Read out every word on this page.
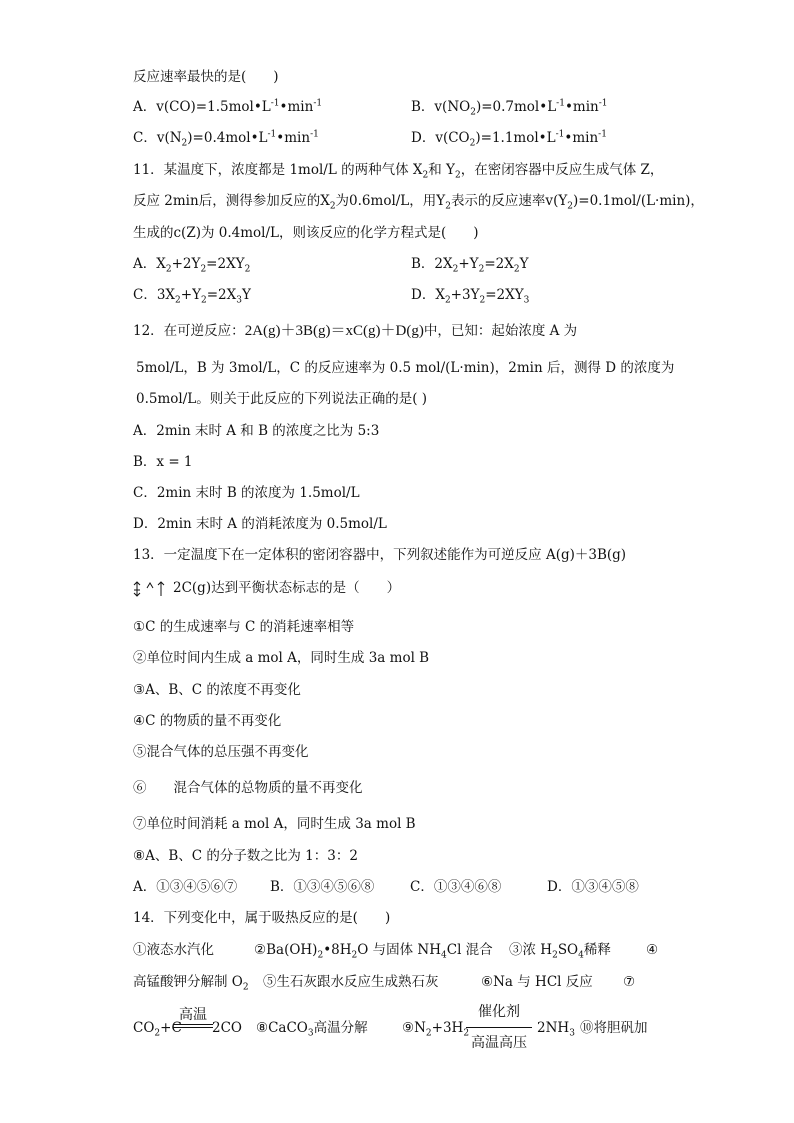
反应速率最快的是(　　)
A．$v(CO)=1.5mol•L^{-1}•\min^{-1}$	B．$v(NO_2)=0.7mol•L^{-1}•\min^{-1}$
C．$v(N_2)=0.4mol•L^{-1}•\min^{-1}$	D．$v(CO_2)=1.1mol•L^{-1}•\min^{-1}$
11．某温度下，浓度都是 1mol/L 的两种气体 $X_2$和 $Y_2$，在密闭容器中反应生成气体 Z，
反应 2min后，测得参加反应的$X_2$为0.6mol/L，用$Y_2$表示的反应速率$v(Y_2)=0.1mol/(L\cdot\min)$，
生成的c(Z)为 0.4mol/L，则该反应的化学方程式是(　　)
A．$X_2+2Y_2=2XY_2$	B．$2X_2+Y_2=2X_2Y$
C．$3X_2+Y_2=2X_3Y$	D．$X_2+3Y_2=2XY_3$
12．在可逆反应：2A(g)＋3B(g)＝xC(g)＋D(g)中，已知：起始浓度 A 为
5mol/L，B 为 3mol/L，C 的反应速率为 0.5 mol/(L·min)，2min 后，测得 D 的浓度为
0.5mol/L。则关于此反应的下列说法正确的是( )
A．2min 末时 A 和 B 的浓度之比为 5:3
B．x = 1
C．2min 末时 B 的浓度为 1.5mol/L
D．2min 末时 A 的消耗浓度为 0.5mol/L
13．一定温度下在一定体积的密闭容器中，下列叙述能作为可逆反应 A(g)＋3B(g)
2C(g)达到平衡状态标志的是（　　）
①C 的生成速率与 C 的消耗速率相等
②单位时间内生成 a mol A，同时生成 3a mol B
③A、B、C 的浓度不再变化
④C 的物质的量不再变化
⑤混合气体的总压强不再变化
⑥　　混合气体的总物质的量不再变化
⑦单位时间消耗 a mol A，同时生成 3a mol B
⑧A、B、C 的分子数之比为 1：3：2
A．①③④⑤⑥⑦ B．①③④⑤⑥⑧	C．①③④⑥⑧	D．①③④⑤⑧
14．下列变化中，属于吸热反应的是(　　)
①液态水汽化	$②Ba(OH)_2•8H_2O$ 与固体 $NH_4Cl$ 混合 ③浓 $H_2SO_4$稀释	④
高锰酸钾分解制 $O_2$ ⑤生石灰跟水反应生成熟石灰	⑥Na 与 HCl 反应 ⑦
$CO_2+C$
高温
2CO ⑧CaCO$_3$高温分解	$⑨N_2+3H_2$
催化剂
高温高压
$2NH_3$ ⑩将胆矾加
